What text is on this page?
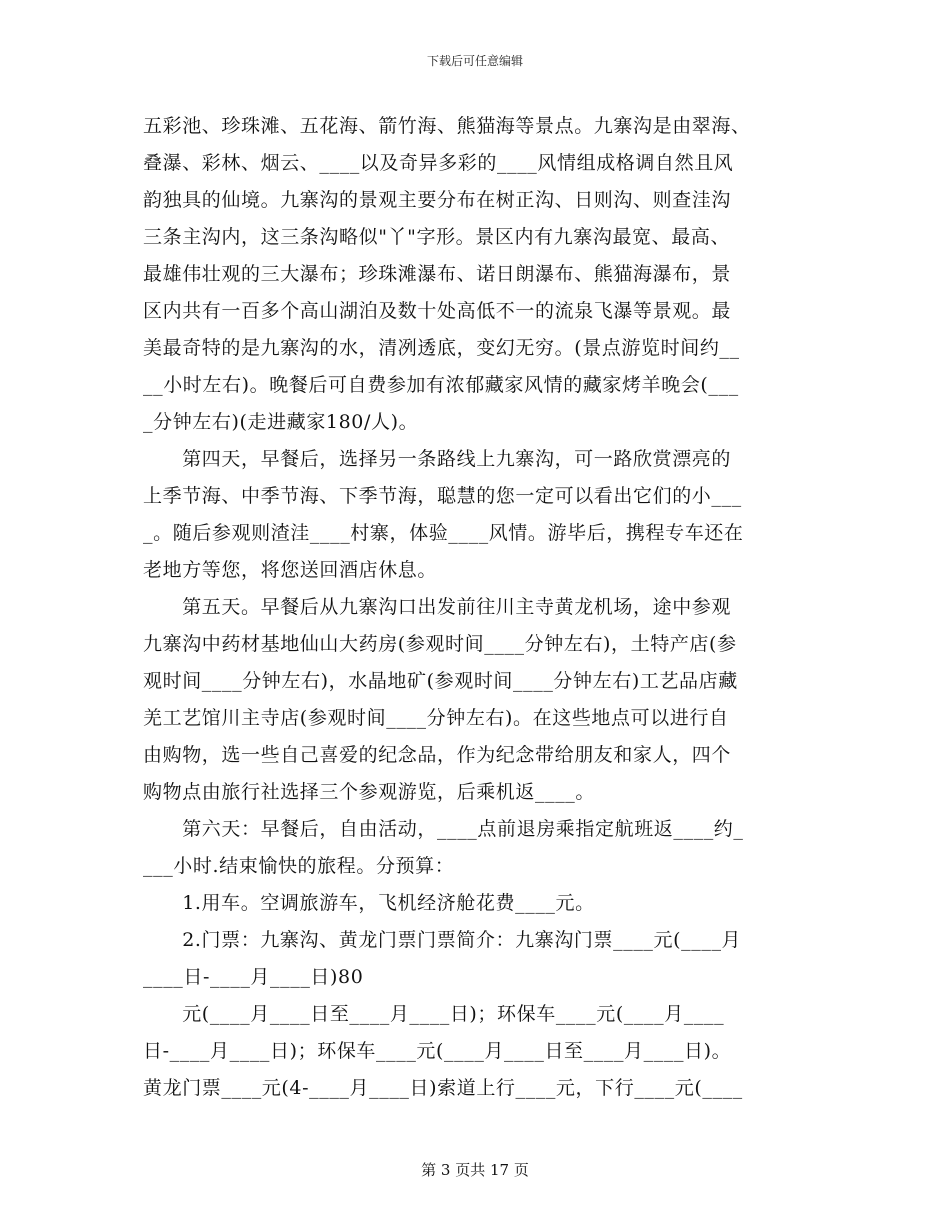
下载后可任意编辑
五彩池、珍珠滩、五花海、箭竹海、熊猫海等景点。九寨沟是由翠海、
叠瀑、彩林、烟云、____以及奇异多彩的____风情组成格调自然且风
韵独具的仙境。九寨沟的景观主要分布在树正沟、日则沟、则查洼沟
三条主沟内，这三条沟略似"丫"字形。景区内有九寨沟最宽、最高、
最雄伟壮观的三大瀑布；珍珠滩瀑布、诺日朗瀑布、熊猫海瀑布，景
区内共有一百多个高山湖泊及数十处高低不一的流泉飞瀑等景观。最
美最奇特的是九寨沟的水，清冽透底，变幻无穷。(景点游览时间约__
__小时左右)。晚餐后可自费参加有浓郁藏家风情的藏家烤羊晚会(___
_分钟左右)(走进藏家180/人)。
　　第四天，早餐后，选择另一条路线上九寨沟，可一路欣赏漂亮的
上季节海、中季节海、下季节海，聪慧的您一定可以看出它们的小___
_。随后参观则渣洼____村寨，体验____风情。游毕后，携程专车还在
老地方等您，将您送回酒店休息。
　　第五天。早餐后从九寨沟口出发前往川主寺黄龙机场，途中参观
九寨沟中药材基地仙山大药房(参观时间____分钟左右)，土特产店(参
观时间____分钟左右)，水晶地矿(参观时间____分钟左右)工艺品店藏
羌工艺馆川主寺店(参观时间____分钟左右)。在这些地点可以进行自
由购物，选一些自己喜爱的纪念品，作为纪念带给朋友和家人，四个
购物点由旅行社选择三个参观游览，后乘机返____。
　　第六天：早餐后，自由活动，____点前退房乘指定航班返____约_
___小时.结束愉快的旅程。分预算：
　　1.用车。空调旅游车，飞机经济舱花费____元。
　　2.门票：九寨沟、黄龙门票门票简介：九寨沟门票____元(____月
____日-____月____日)80
　　元(____月____日至____月____日)；环保车____元(____月____
日-____月____日)；环保车____元(____月____日至____月____日)。
黄龙门票____元(4-____月____日)索道上行____元，下行____元(____
第 3 页共 17 页
